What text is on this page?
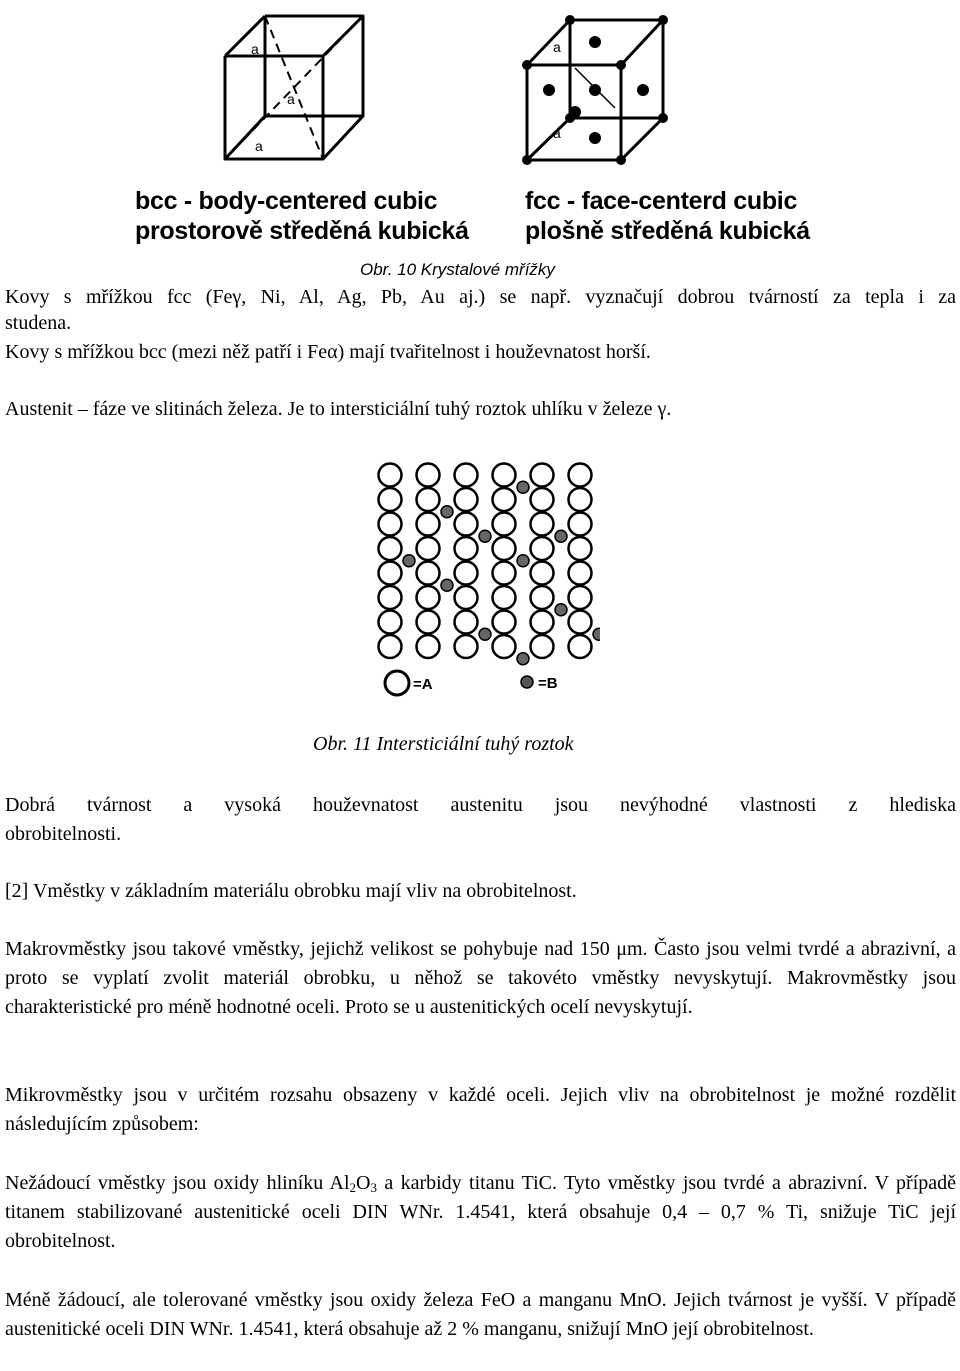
a
a
a
a
a
bcc - body-centered cubic
prostorově středěná kubická
fcc - face-centerd cubic
plošně středěná kubická
Obr. 10 Krystalové mřížky
Kovy s mřížkou fcc (Feγ, Ni, Al, Ag, Pb, Au aj.) se např. vyznačují dobrou tvárností za tepla i za
studena.
Kovy s mřížkou bcc (mezi něž patří i Feα) mají tvařitelnost i houževnatost horší.
Austenit – fáze ve slitinách železa. Je to intersticiální tuhý roztok uhlíku v železe γ.
=A	=B
Obr. 11 Intersticiální tuhý roztok
Dobrá tvárnost a vysoká houževnatost austenitu jsou nevýhodné vlastnosti z hlediska
obrobitelnosti.
[2] Vměstky v základním materiálu obrobku mají vliv na obrobitelnost.
Makrovměstky jsou takové vměstky, jejichž velikost se pohybuje nad 150 μm. Často jsou velmi tvrdé a abrazivní, a proto se vyplatí zvolit materiál obrobku, u něhož se takovéto vměstky nevyskytují. Makrovměstky jsou charakteristické pro méně hodnotné oceli. Proto se u austenitických ocelí nevyskytují.
Mikrovměstky jsou v určitém rozsahu obsazeny v každé oceli. Jejich vliv na obrobitelnost je možné rozdělit následujícím způsobem:
Nežádoucí vměstky jsou oxidy hliníku $Al_2O_3$ a karbidy titanu TiC. Tyto vměstky jsou tvrdé a abrazivní. V případě titanem stabilizované austenitické oceli DIN WNr. 1.4541, která obsahuje 0,4 – 0,7 % Ti, snižuje TiC její obrobitelnost.
Méně žádoucí, ale tolerované vměstky jsou oxidy železa FeO a manganu MnO. Jejich tvárnost je vyšší. V případě austenitické oceli DIN WNr. 1.4541, která obsahuje až 2 % manganu, snižují MnO její obrobitelnost.
